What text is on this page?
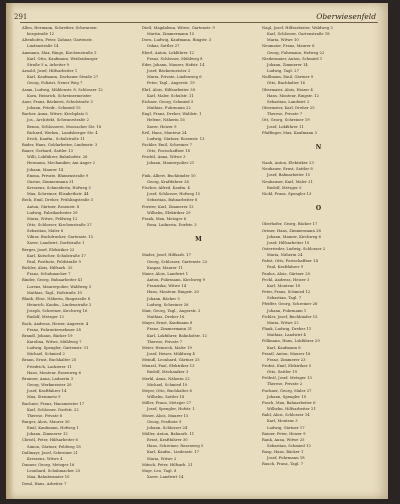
291	Oberwiesenfeld
Allen, Hermann, Schreiber, Schwarzen-
bergstraße 12
Altenhofen, Peter, Zahnar, Gartenstr.
Lindenstraße 14
Ammann, Max, Ringe, Kirchenstraße 3
Karl, Otto, Kaufmann, Weißenburger
Straße 5 a, Arbeiter 9
Arnold, Josef, Hilfsarbeiter 1
Karl, Kaufmann, Dachauer Straße 27
Georg, Polizist, Neuer Weg 7
Asam, Ludwig, Mühlenstr. 8, Schlosser 12
Korn, Heinrich, Schreinermeister
Auer, Franz, Bäckerei, Schulstraße 3
Johann, Friedr., Schmied 15
Bacher, Anna, Witwe, Kirchplatz 5
Jos., Architekt, Schwarzstraße 2
Benno, Schlosserei, Moosacher Str. 18
Richard, Werkm., Landsberger Str. 4
Erich, Kaufm., Schulstraße 11
Bader, Hans, Goldarbeiter, Lindenstr. 3
Bauer, Gerhard, Sattler 13
Willi, Lokführer, Bahnhofstr. 26
Hermann, Mechaniker, Am Anger 2
Johann, Maurer 14
Emma, Private, Blumenstraße 9
Gustav, Zimmermann 31
Kreszenz, Schneiderin, Hofweg 5
Max, Schreiner, Elisabethstr. 44
Beck, Emil, Dreher, Frühlingstraße 3
Anton, Gärtner, Rosenstr. 8
Ludwig, Fabrikarbeiter 29
Maria, Witwe, Feldweg 12
Otto, Schlosser, Kirchenstraße 27
Sebastian, Maler 6
Viktor, Buchdrucker, Gartenstr. 15
Xaver, Landwirt, Dorfstraße 1
Berger, Josef, Elektriker 22
Karl, Kutscher, Schulstraße 17
Paul, Postbote, Feldstraße 9
Bichler, Alois, Hilfsarb. 35
Franz, Schuhmacher 7
Binder, Georg, Bahnarbeiter 41
Lorenz, Maurerpolier, Waldweg 3
Mathias, Tagl., Hofstraße 10
Blank, Elise, Näherin, Ringstraße 8
Heinrich, Kaufm., Lindenstraße 2
Joseph, Schreiner, Kirchweg 16
Rudolf, Metzger 13
Bock, Andreas, Heizer, Angerstr. 4
Franz, Fuhrunternehmer 28
Brandl, Johann, Bäcker 19
Karolina, Witwe, Mühlweg 7
Ludwig, Spengler, Gartenstr. 31
Michael, Schmied 2
Braun, Ernst, Buchhalter 25
Friedrich, Lackierer 11
Hans, Monteur, Rosenweg 6
Brunner, Anna, Ladnerin 3
Georg, Werkmeister 20
Josef, Kraftfahrer 14
Max, Steinmetz 9
Buchner, Franz, Hausmeister 17
Karl, Schlosser, Dorfstr. 22
Therese, Private 8
Burger, Alois, Maurer 30
Emil, Kaufmann, Hofweg 1
Johann, Zimmerer 12
Christl, Peter, Hilfsarbeiter 6
Simon, Gärtner, Feldweg 18
Dallmayr, Josef, Schreiner 21
Kreszenz, Witwe 4
Danner, Georg, Metzger 16
Leonhard, Schuhmacher 23
Max, Bahnbeamter 10
Deml, Hans, Arbeiter 7
Dietl, Magdalena, Witwe, Gartenstr. 9
Martin, Zimmermann 15
Dorn, Ludwig, Kaufmann, Ringstr. 3
Oskar, Sattler 27
Eberl, Anton, Lokführer 12
Franz, Schlosser, Mühlweg 8
Eder, Johann, Maurer, Hofstr. 14
Josef, Bäckermeister 2
Maria, Private, Lindenweg 6
Peter, Tagl., Angerstr. 19
Ehrl, Alois, Hilfsarbeiter 30
Karl, Maler, Schulstr. 11
Eichner, Georg, Schmied 5
Mathias, Fuhrmann 22
Engl, Franz, Dreher, Waldstr. 1
Helene, Näherin 16
Xaver, Heizer 9
Ertl, Hans, Monteur 24
Ludwig, Gärtner, Rosenstr. 13
Fackler, Emil, Schreiner 7
Otto, Postschaffner 18
Feichtl, Anna, Witwe 3
Johann, Maurerpolier 21

Fink, Albert, Buchbinder 10
Georg, Kraftfahrer 26
Fischer, Alfred, Kaufm. 4
Josef, Schlosser, Hofweg 15
Sebastian, Bahnarbeiter 8
Forster, Karl, Zimmerer 12
Wilhelm, Elektriker 29
Frank, Max, Metzger 6
Rosa, Ladnerin, Dorfstr. 3

M

Mader, Josef, Hilfsarb. 17
Georg, Schlosser, Gartenstr. 23
Kaspar, Maurer 11
Maier, Alois, Landwirt 1
Anton, Fuhrmann, Kirchweg 9
Franziska, Witwe 14
Hans, Monteur, Ringstr. 20
Johann, Bäcker 5
Ludwig, Schreiner 28
Mair, Georg, Tagl., Angerstr. 2
Mathias, Dreher 16
Mayer, Ernst, Kaufmann 8
Franz, Zimmermann 31
Karl, Lokführer, Bahnhofstr. 12
Therese, Private 7
Meier, Heinrich, Maler 19
Josef, Heizer, Mühlweg 4
Meindl, Leonhard, Gärtner 25
Menzel, Paul, Elektriker 13
Rudolf, Mechaniker 3
Merkl, Anna, Näherin 22
Michael, Schmied 10
Meyer, Otto, Buchhalter 6
Wilhelm, Sattler 18
Miller, Franz, Metzger 27
Josef, Spengler, Hofstr. 1
Moser, Alois, Maurer 15
Georg, Postbote 9
Johann, Schlosser 24
Müller, Anton, Bahnarb. 11
Ernst, Kraftfahrer 30
Hans, Schreiner, Rosenweg 5
Karl, Kaufm., Lindenstr. 17
Maria, Witwe 2
Münch, Peter, Hilfsarb. 21
Mayr, Leo, Tagl. 8
Xaver, Landwirt 14
Nagl, Josef, Hilfsarbeiter, Waldweg 3
Karl, Schlosser, Gartenstraße 18
Maria, Witwe 10
Neumaier, Franz, Maurer 6
Georg, Fuhrmann, Hofweg 22
Niedermaier, Anton, Schmied 1
Johann, Zimmerer 14
Ludwig, Tagl. 27
Nußbaum, Emil, Gärtner 9
Otto, Buchhalter 16
Obermaier, Alois, Heizer 4
Hans, Monteur, Ringstr. 12
Sebastian, Landwirt 2
Obermeier, Karl, Dreher 25
Therese, Private 7
Ott, Georg, Schreiner 19
Josef, Lokführer 11
Pfaffinger, Max, Kaufmann 3

N

Naab, Anton, Elektriker 23
Neubauer, Ernst, Sattler 8
Josef, Bahnarbeiter 15
Neuhauser, Karl, Maler 21
Rudolf, Metzger 5
Nickl, Franz, Spengler 13

O

Oberhofer, Georg, Bäcker 17
Ortner, Hans, Zimmermann 28
Johann, Maurer, Kirchweg 6
Josef, Hilfsarbeiter 10
Osterrieder, Ludwig, Schlosser 2
Maria, Näherin 24
Pabst, Otto, Postschaffner 14
Paul, Kraftfahrer 9
Paulus, Alois, Gärtner 20
Pechl, Andreas, Heizer 3
Karl, Monteur 18
Peter, Franz, Schmied 12
Sebastian, Tagl. 7
Pfeiffer, Georg, Schreiner 26
Johann, Fuhrmann 1
Pichler, Josef, Buchbinder 15
Maria, Witwe 22
Plank, Ludwig, Dreher 11
Mathias, Landwirt 4
Pöllmann, Hans, Lokführer 29
Karl, Kaufmann 8
Prantl, Anton, Maurer 16
Franz, Zimmerer 23
Probst, Emil, Elektriker 5
Otto, Sattler 19
Pröbstl, Josef, Metzger 13
Therese, Private 2
Puchner, Georg, Maler 27
Johann, Spengler 10
Pusch, Max, Bahnarbeiter 6
Wilhelm, Hilfsarbeiter 21
Rabl, Alois, Schlosser 14
Karl, Monteur 3
Ludwig, Gärtner 17
Rainer, Peter, Heizer 9
Rank, Anna, Witwe 25
Sebastian, Schmied 12
Rasp, Hans, Bäcker 1
Josef, Fuhrmann 18
Rauch, Franz, Tagl. 7
